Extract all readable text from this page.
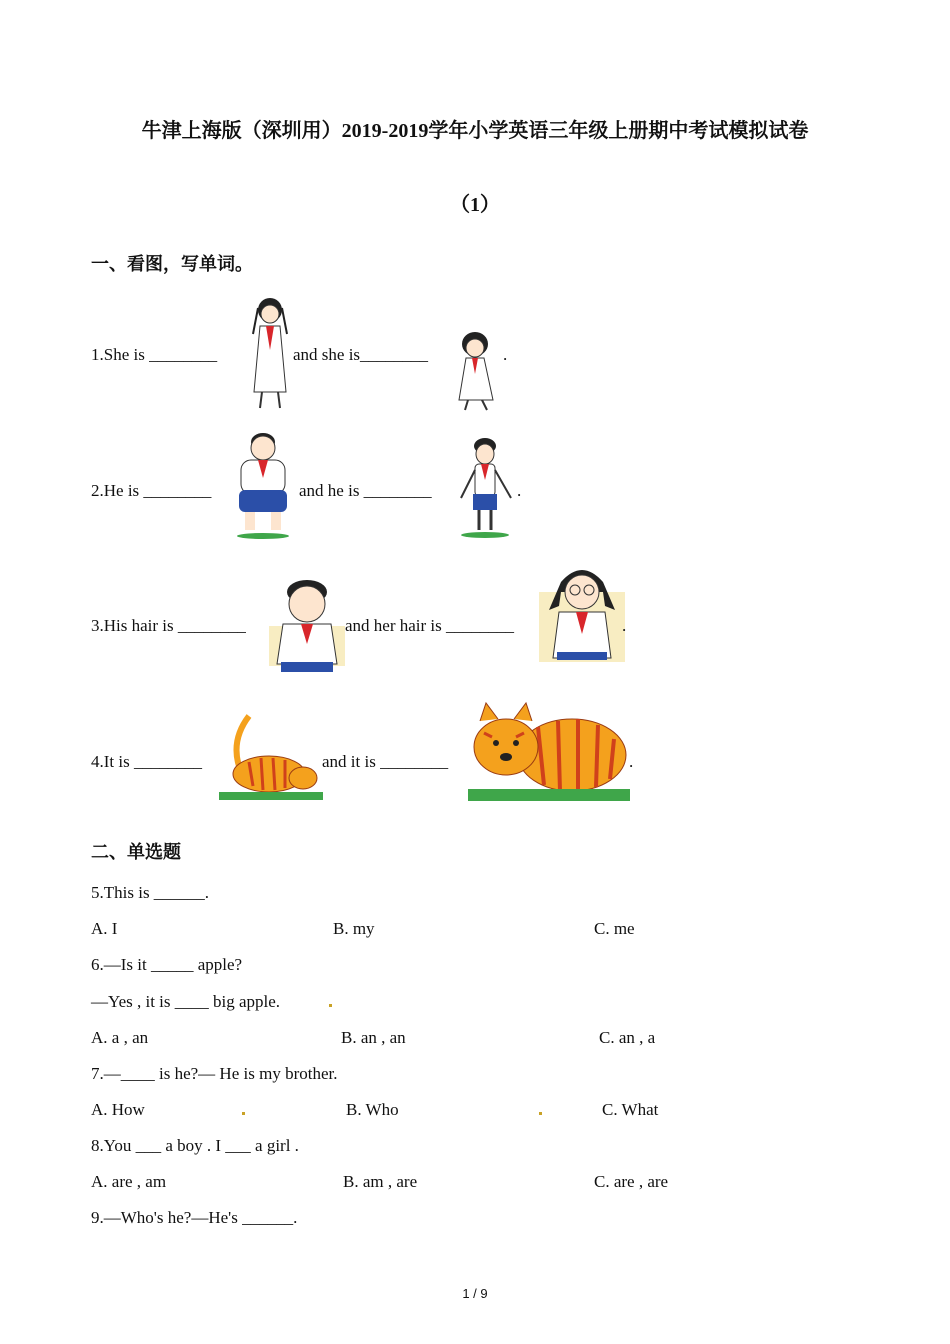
牛津上海版（深圳用）2019-2019学年小学英语三年级上册期中考试模拟试卷
（1）
一、看图，写单词。
1.She is ________	and she is________	.
2.He is ________	and he is ________	.
3.His hair is ________	and her hair is ________	.
4.It is ________	and it is ________	.
二、单选题
5.This is ______.
A. I	B. my	C. me
6.—Is it _____ apple?
—Yes , it is ____ big apple.
A. a , an	B. an , an	C. an , a
7.—____ is he?— He is my brother.
A. How	B. Who	C. What
8.You ___ a boy . I ___ a girl .
A. are , am	B. am , are	C. are , are
9.—Who's he?—He's ______.
1 / 9
